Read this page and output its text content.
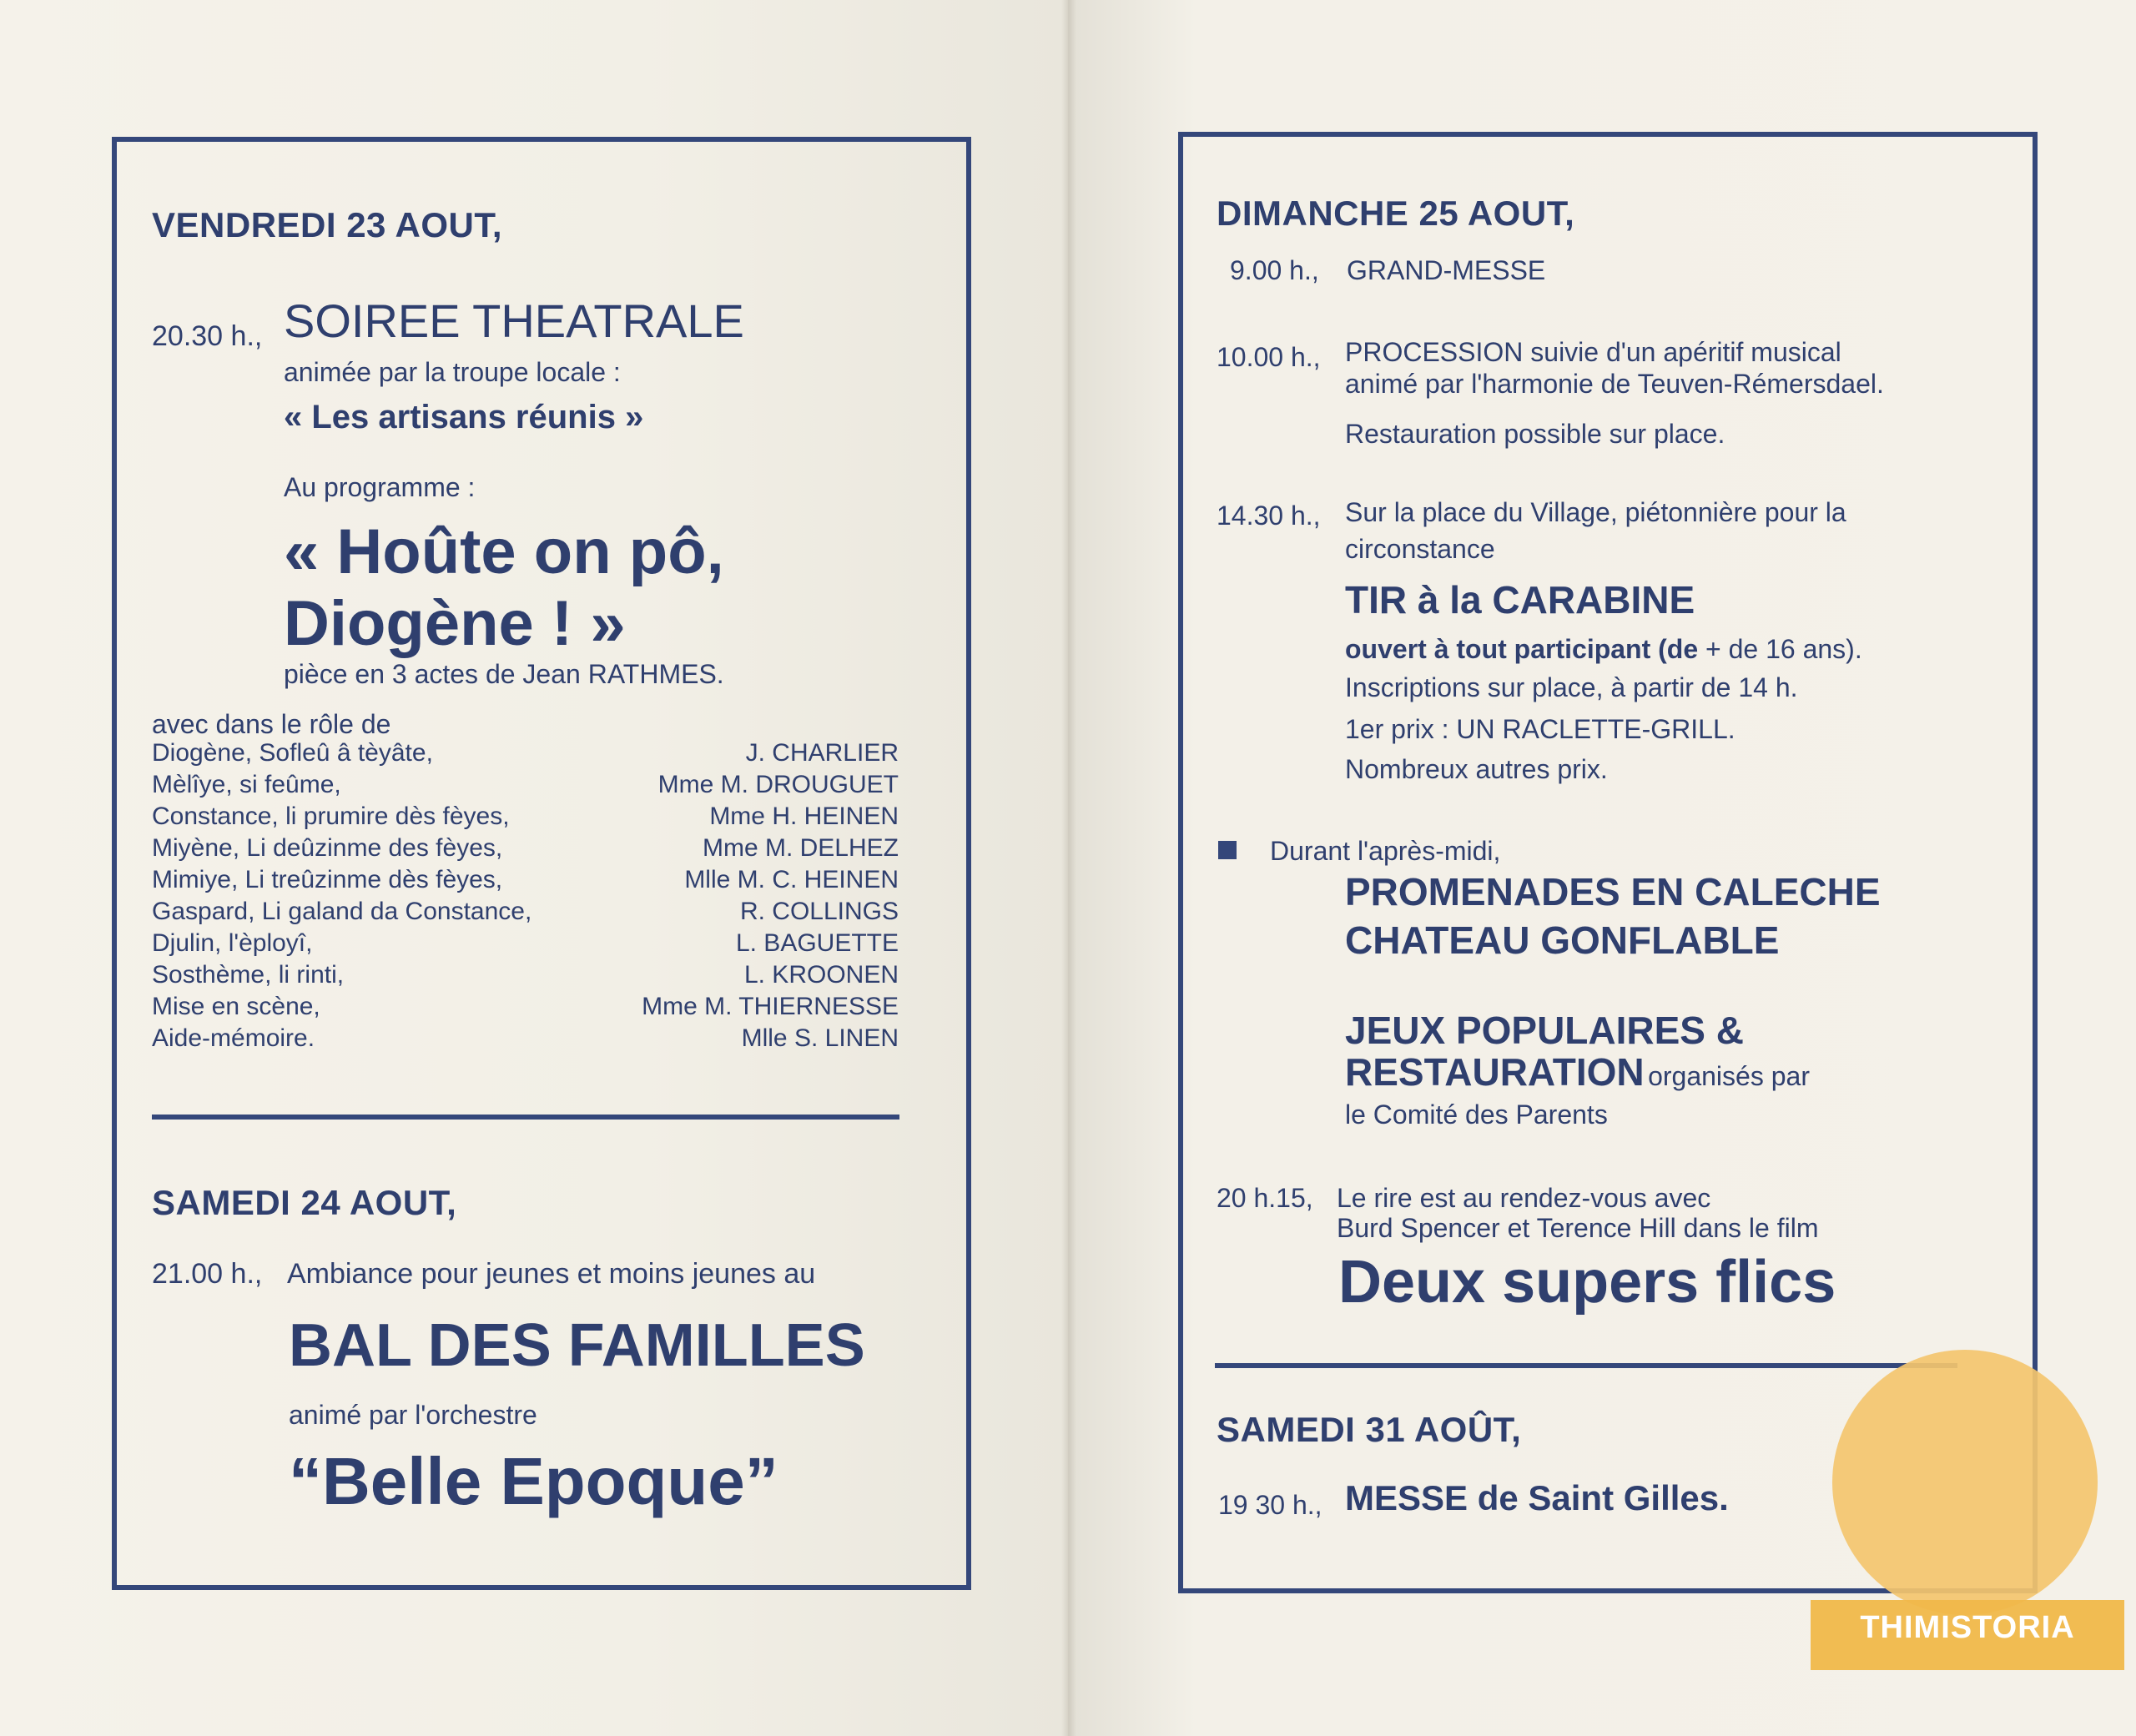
VENDREDI 23 AOUT,
20.30 h., SOIREE THEATRALE
animée par la troupe locale :
« Les artisans réunis »
Au programme :
« Hoûte on pô,
Diogène ! »
pièce en 3 actes de Jean RATHMES.
avec dans le rôle de
Diogène, Sofleû â tèyâte,	J. CHARLIER
Mèlîye, si feûme,	Mme M. DROUGUET
Constance, li prumire dès fèyes,	Mme H. HEINEN
Miyène, Li deûzinme des fèyes,	Mme M. DELHEZ
Mimiye, Li treûzinme dès fèyes,	Mlle M. C. HEINEN
Gaspard, Li galand da Constance,	R. COLLINGS
Djulin, l'èployî,	L. BAGUETTE
Sosthème, li rinti,	L. KROONEN
Mise en scène,	Mme M. THIERNESSE
Aide-mémoire.	Mlle S. LINEN
SAMEDI 24 AOUT,
21.00 h., Ambiance pour jeunes et moins jeunes au
BAL DES FAMILLES
animé par l'orchestre
“Belle Epoque”
DIMANCHE 25 AOUT,
9.00 h., GRAND-MESSE
10.00 h., PROCESSION suivie d'un apéritif musical
animé par l'harmonie de Teuven-Rémersdael.
Restauration possible sur place.
14.30 h., Sur la place du Village, piétonnière pour la
circonstance
TIR à la CARABINE
ouvert à tout participant (de + de 16 ans).
Inscriptions sur place, à partir de 14 h.
1er prix : UN RACLETTE-GRILL.
Nombreux autres prix.
Durant l'après-midi,
PROMENADES EN CALECHE
CHATEAU GONFLABLE
JEUX POPULAIRES &
RESTAURATION organisés par
le Comité des Parents
20 h.15, Le rire est au rendez-vous avec
Burd Spencer et Terence Hill dans le film
Deux supers flics
SAMEDI 31 AOÛT,
19 30 h., MESSE de Saint Gilles.
THIMISTORIA
